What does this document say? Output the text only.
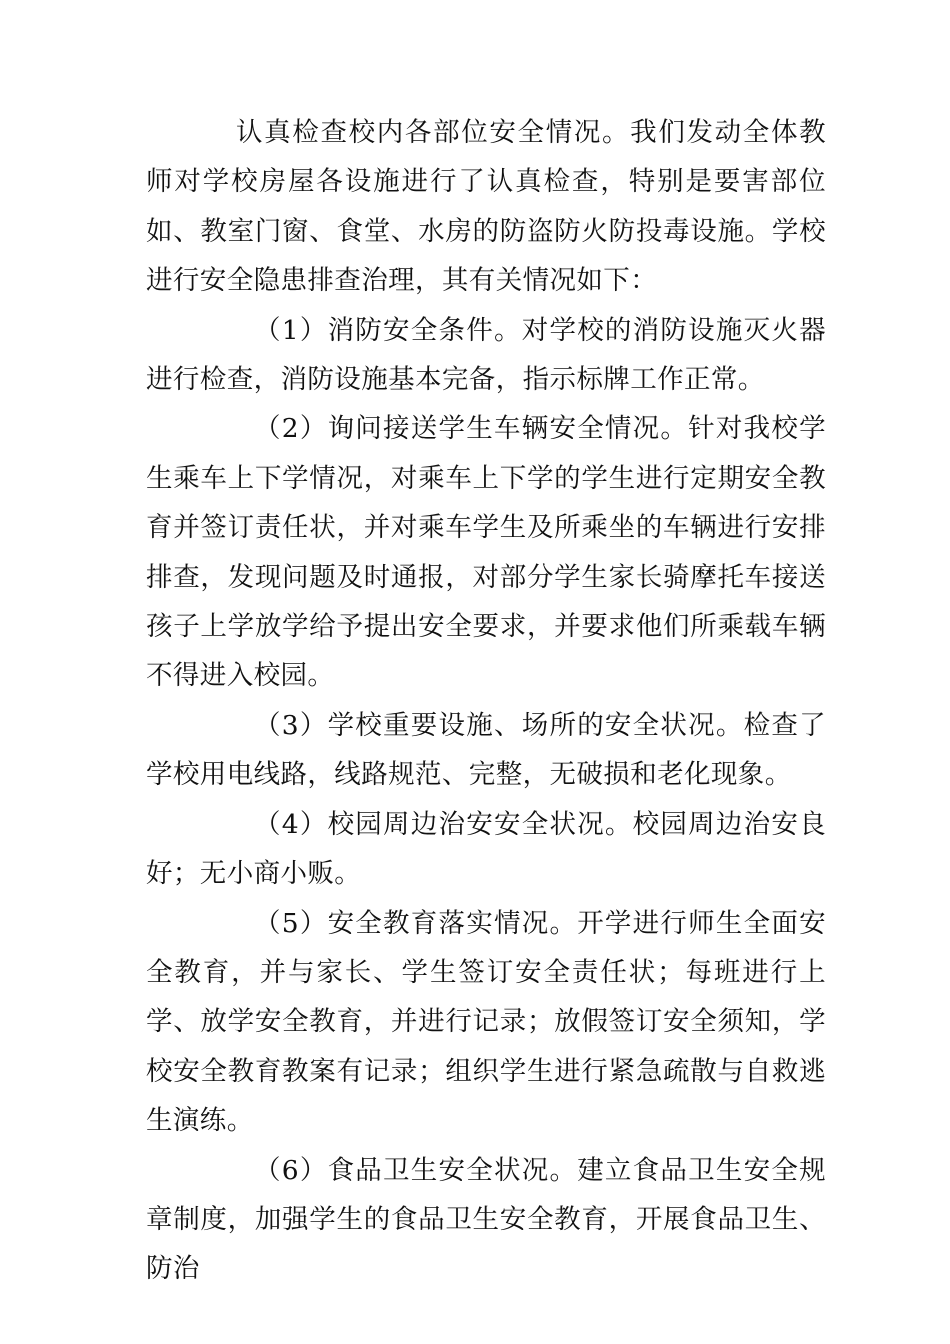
认真检查校内各部位安全情况。我们发动全体教师对学校房屋各设施进行了认真检查，特别是要害部位如、教室门窗、食堂、水房的防盗防火防投毒设施。学校进行安全隐患排查治理，其有关情况如下：

（1）消防安全条件。对学校的消防设施灭火器进行检查，消防设施基本完备，指示标牌工作正常。

（2）询问接送学生车辆安全情况。针对我校学生乘车上下学情况，对乘车上下学的学生进行定期安全教育并签订责任状，并对乘车学生及所乘坐的车辆进行安排排查，发现问题及时通报，对部分学生家长骑摩托车接送孩子上学放学给予提出安全要求，并要求他们所乘载车辆不得进入校园。

（3）学校重要设施、场所的安全状况。检查了学校用电线路，线路规范、完整，无破损和老化现象。

（4）校园周边治安安全状况。校园周边治安良好；无小商小贩。

（5）安全教育落实情况。开学进行师生全面安全教育，并与家长、学生签订安全责任状；每班进行上学、放学安全教育，并进行记录；放假签订安全须知，学校安全教育教案有记录；组织学生进行紧急疏散与自救逃生演练。

（6）食品卫生安全状况。建立食品卫生安全规章制度，加强学生的食品卫生安全教育，开展食品卫生、防治
